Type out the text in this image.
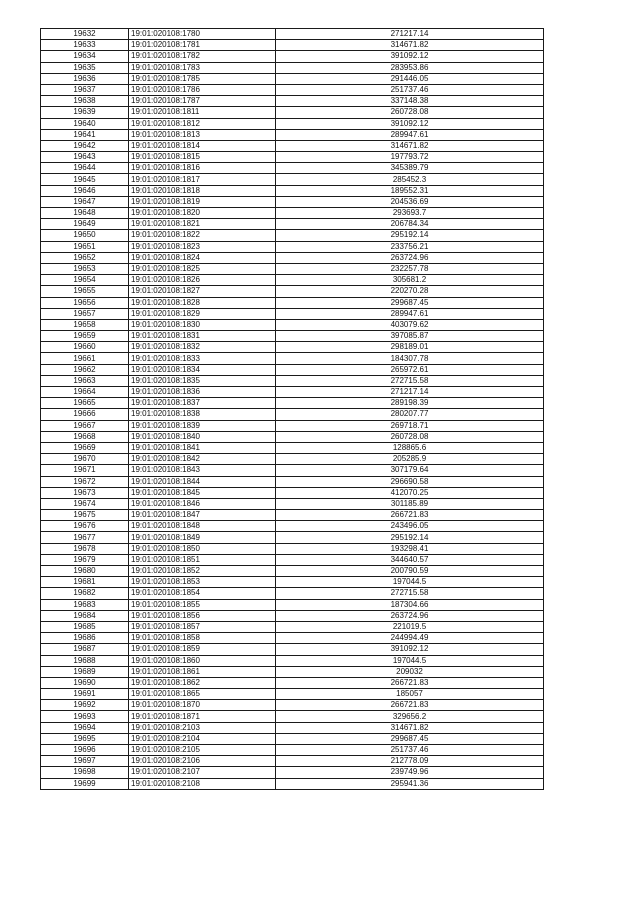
19632	19:01:020108:1780	271217.14
19633	19:01:020108:1781	314671.82
19634	19:01:020108:1782	391092.12
19635	19:01:020108:1783	283953.86
19636	19:01:020108:1785	291446.05
19637	19:01:020108:1786	251737.46
19638	19:01:020108:1787	337148.38
19639	19:01:020108:1811	260728.08
19640	19:01:020108:1812	391092.12
19641	19:01:020108:1813	289947.61
19642	19:01:020108:1814	314671.82
19643	19:01:020108:1815	197793.72
19644	19:01:020108:1816	345389.79
19645	19:01:020108:1817	285452.3
19646	19:01:020108:1818	189552.31
19647	19:01:020108:1819	204536.69
19648	19:01:020108:1820	293693.7
19649	19:01:020108:1821	206784.34
19650	19:01:020108:1822	295192.14
19651	19:01:020108:1823	233756.21
19652	19:01:020108:1824	263724.96
19653	19:01:020108:1825	232257.78
19654	19:01:020108:1826	305681.2
19655	19:01:020108:1827	220270.28
19656	19:01:020108:1828	299687.45
19657	19:01:020108:1829	289947.61
19658	19:01:020108:1830	403079.62
19659	19:01:020108:1831	397085.87
19660	19:01:020108:1832	298189.01
19661	19:01:020108:1833	184307.78
19662	19:01:020108:1834	265972.61
19663	19:01:020108:1835	272715.58
19664	19:01:020108:1836	271217.14
19665	19:01:020108:1837	289198.39
19666	19:01:020108:1838	280207.77
19667	19:01:020108:1839	269718.71
19668	19:01:020108:1840	260728.08
19669	19:01:020108:1841	128865.6
19670	19:01:020108:1842	205285.9
19671	19:01:020108:1843	307179.64
19672	19:01:020108:1844	296690.58
19673	19:01:020108:1845	412070.25
19674	19:01:020108:1846	301185.89
19675	19:01:020108:1847	266721.83
19676	19:01:020108:1848	243496.05
19677	19:01:020108:1849	295192.14
19678	19:01:020108:1850	193298.41
19679	19:01:020108:1851	344640.57
19680	19:01:020108:1852	200790.59
19681	19:01:020108:1853	197044.5
19682	19:01:020108:1854	272715.58
19683	19:01:020108:1855	187304.66
19684	19:01:020108:1856	263724.96
19685	19:01:020108:1857	221019.5
19686	19:01:020108:1858	244994.49
19687	19:01:020108:1859	391092.12
19688	19:01:020108:1860	197044.5
19689	19:01:020108:1861	209032
19690	19:01:020108:1862	266721.83
19691	19:01:020108:1865	185057
19692	19:01:020108:1870	266721.83
19693	19:01:020108:1871	329656.2
19694	19:01:020108:2103	314671.82
19695	19:01:020108:2104	299687.45
19696	19:01:020108:2105	251737.46
19697	19:01:020108:2106	212778.09
19698	19:01:020108:2107	239749.96
19699	19:01:020108:2108	295941.36
